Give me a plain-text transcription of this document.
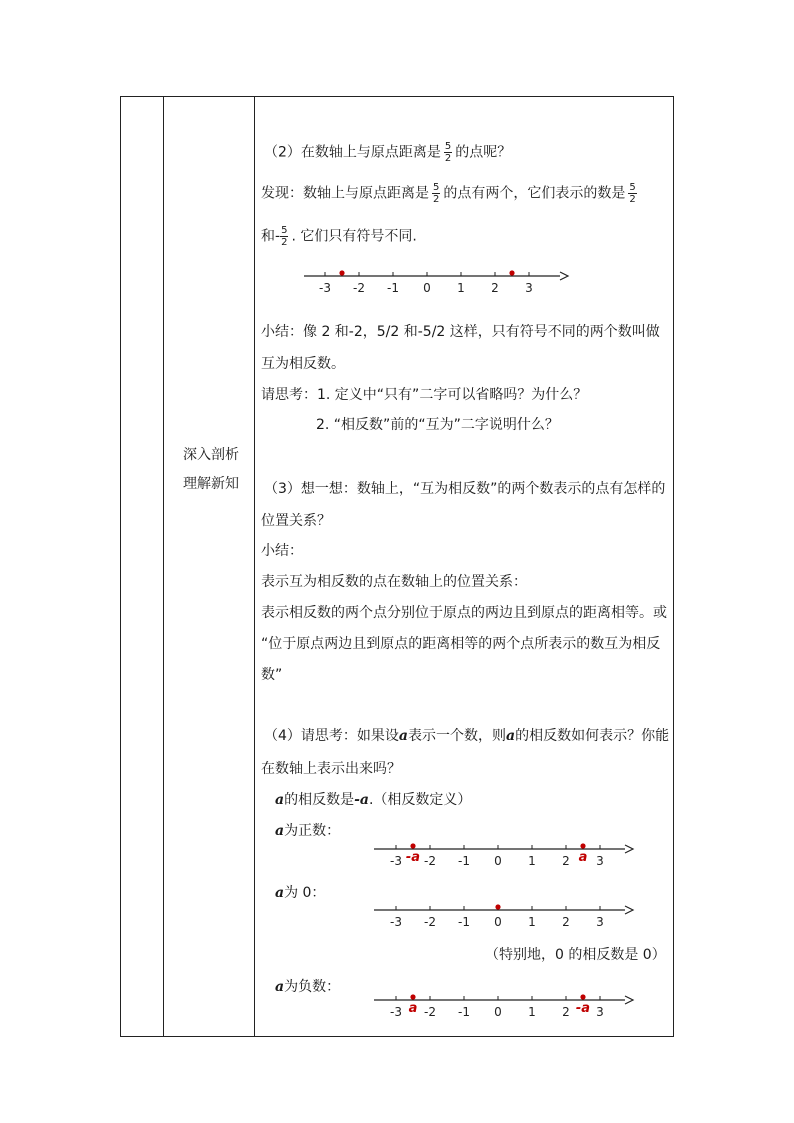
深入剖析
理解新知
（2）在数轴上与原点距离是 $\frac{5}{2}$ 的点呢？
发现：数轴上与原点距离是 $\frac{5}{2}$ 的点有两个，它们表示的数是 $\frac{5}{2}$
和- $\frac{5}{2}$ . 它们只有符号不同.
-3 -2 -1 0 1 2 3
小结：像 2 和-2，5/2 和-5/2 这样，只有符号不同的两个数叫做
互为相反数。
请思考：1. 定义中“只有”二字可以省略吗？为什么？
2. “相反数”前的“互为”二字说明什么？
（3）想一想：数轴上，“互为相反数”的两个数表示的点有怎样的
位置关系？
小结：
表示互为相反数的点在数轴上的位置关系：
表示相反数的两个点分别位于原点的两边且到原点的距离相等。或
“位于原点两边且到原点的距离相等的两个点所表示的数互为相反
数”
（4）请思考：如果设a表示一个数，则a的相反数如何表示？你能
在数轴上表示出来吗？
a的相反数是-a.（相反数定义）
a为正数：
-3 -2 -1 0 1 2 3
-a	a
a为 0：
-3 -2 -1 0 1 2 3
（特别地，0 的相反数是 0）
a为负数：
-3 -2 -1 0 1 2 3
a	-a
